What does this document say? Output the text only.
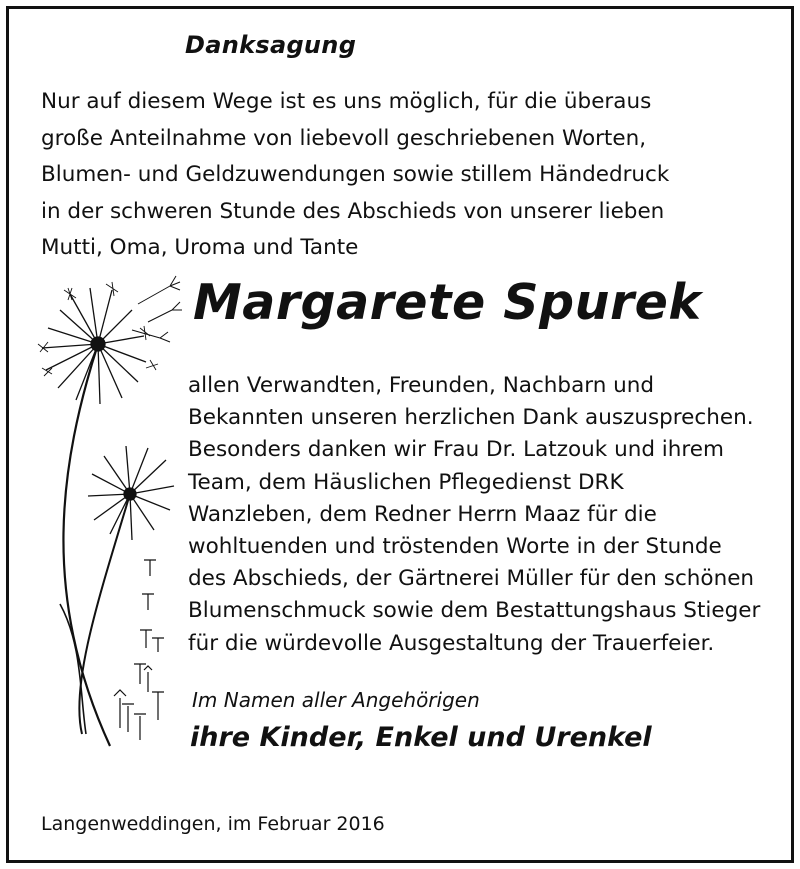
Danksagung
Nur auf diesem Wege ist es uns möglich, für die überaus
große Anteilnahme von liebevoll geschriebenen Worten,
Blumen- und Geldzuwendungen sowie stillem Händedruck
in der schweren Stunde des Abschieds von unserer lieben
Mutti, Oma, Uroma und Tante
Margarete Spurek
allen Verwandten, Freunden, Nachbarn und
Bekannten unseren herzlichen Dank auszusprechen.
Besonders danken wir Frau Dr. Latzouk und ihrem
Team, dem Häuslichen Pflegedienst DRK
Wanzleben, dem Redner Herrn Maaz für die
wohltuenden und tröstenden Worte in der Stunde
des Abschieds, der Gärtnerei Müller für den schönen
Blumenschmuck sowie dem Bestattungshaus Stieger
für die würdevolle Ausgestaltung der Trauerfeier.
Im Namen aller Angehörigen
ihre Kinder, Enkel und Urenkel
Langenweddingen, im Februar 2016
